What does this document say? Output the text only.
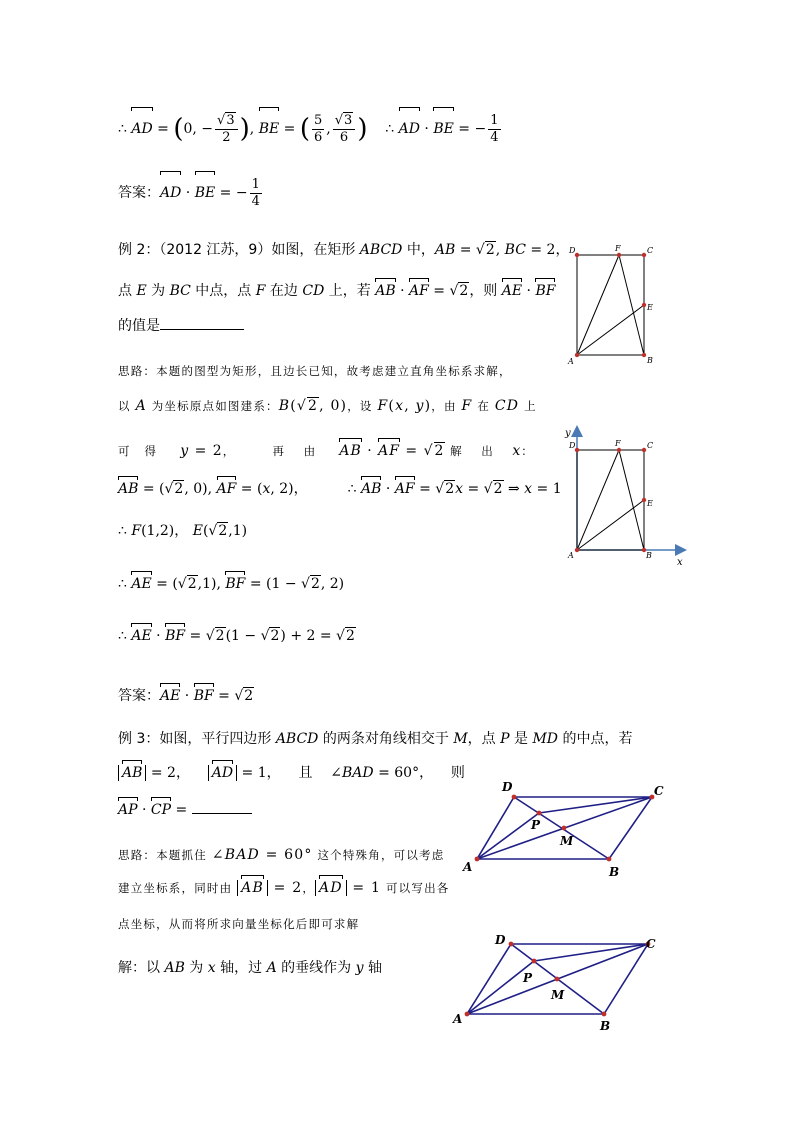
∴ AD = (0, − $\frac{√3}{2}$ ), BE = ( $\frac{5}{6}$ , $\frac{√3}{6}$ )    ∴ AD · BE = − $\frac{1}{4}$
答案：AD · BE = − $\frac{1}{4}$
例 2：（2012 江苏，9）如图，在矩形 ABCD 中，AB = √2, BC = 2，
点 E 为 BC 中点，点 F 在边 CD 上，若 AB · AF = √2，则 AE · BF
的值是
思路：本题的图型为矩形，且边长已知，故考虑建立直角坐标系求解，
以 A 为坐标原点如图建系：B(√2, 0)，设 F(x, y)，由 F 在 CD 上
可   得     y = 2，        再    由     AB · AF = √2 解    出    x：
AB = (√2, 0), AF = (x, 2)，         ∴ AB · AF = √2x = √2 ⇒ x = 1
∴ F(1,2)， E(√2,1)
∴ AE = (√2,1), BF = (1 − √2, 2)
∴ AE · BF = √2(1 − √2) + 2 = √2
答案：AE · BF = √2
例 3：如图，平行四边形 ABCD 的两条对角线相交于 M，点 P 是 MD 的中点，若
AB = 2， AD = 1， 且    ∠BAD = 60°， 则
AP · CP =
思路：本题抓住 ∠BAD = 60° 这个特殊角，可以考虑
建立坐标系，同时由 AB = 2， AD = 1 可以写出各
点坐标，从而将所求向量坐标化后即可求解
解：以 AB 为 x 轴，过 A 的垂线作为 y 轴
A	B
C
D
E
F
A	B
C
D
E
F
y
x
A	B
C
D
P
M
A	B
C
D
P
M
